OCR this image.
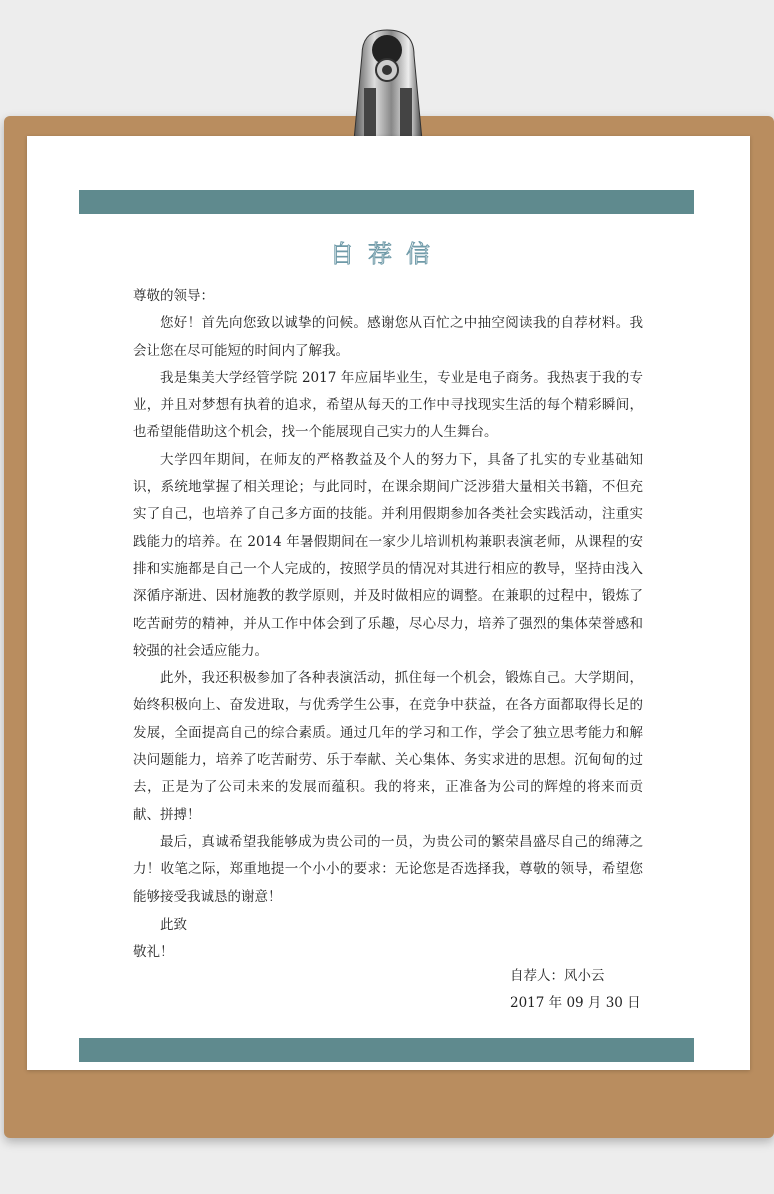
自荐信

尊敬的领导：

您好！首先向您致以诚挚的问候。感谢您从百忙之中抽空阅读我的自荐材料。我会让您在尽可能短的时间内了解我。

我是集美大学经管学院 2017 年应届毕业生，专业是电子商务。我热衷于我的专业，并且对梦想有执着的追求，希望从每天的工作中寻找现实生活的每个精彩瞬间，也希望能借助这个机会，找一个能展现自己实力的人生舞台。

大学四年期间，在师友的严格教益及个人的努力下，具备了扎实的专业基础知识，系统地掌握了相关理论；与此同时，在课余期间广泛涉猎大量相关书籍，不但充实了自己，也培养了自己多方面的技能。并利用假期参加各类社会实践活动，注重实践能力的培养。在 2014 年暑假期间在一家少儿培训机构兼职表演老师，从课程的安排和实施都是自己一个人完成的，按照学员的情况对其进行相应的教导，坚持由浅入深循序渐进、因材施教的教学原则，并及时做相应的调整。在兼职的过程中，锻炼了吃苦耐劳的精神，并从工作中体会到了乐趣，尽心尽力，培养了强烈的集体荣誉感和较强的社会适应能力。

此外，我还积极参加了各种表演活动，抓住每一个机会，锻炼自己。大学期间，始终积极向上、奋发进取，与优秀学生公事，在竞争中获益，在各方面都取得长足的发展，全面提高自己的综合素质。通过几年的学习和工作，学会了独立思考能力和解决问题能力，培养了吃苦耐劳、乐于奉献、关心集体、务实求进的思想。沉甸甸的过去，正是为了公司未来的发展而蕴积。我的将来，正准备为公司的辉煌的将来而贡献、拼搏！

最后，真诚希望我能够成为贵公司的一员，为贵公司的繁荣昌盛尽自己的绵薄之力！收笔之际，郑重地提一个小小的要求：无论您是否选择我，尊敬的领导，希望您能够接受我诚恳的谢意！

此致
敬礼！
自荐人：风小云
2017 年 09 月 30 日
